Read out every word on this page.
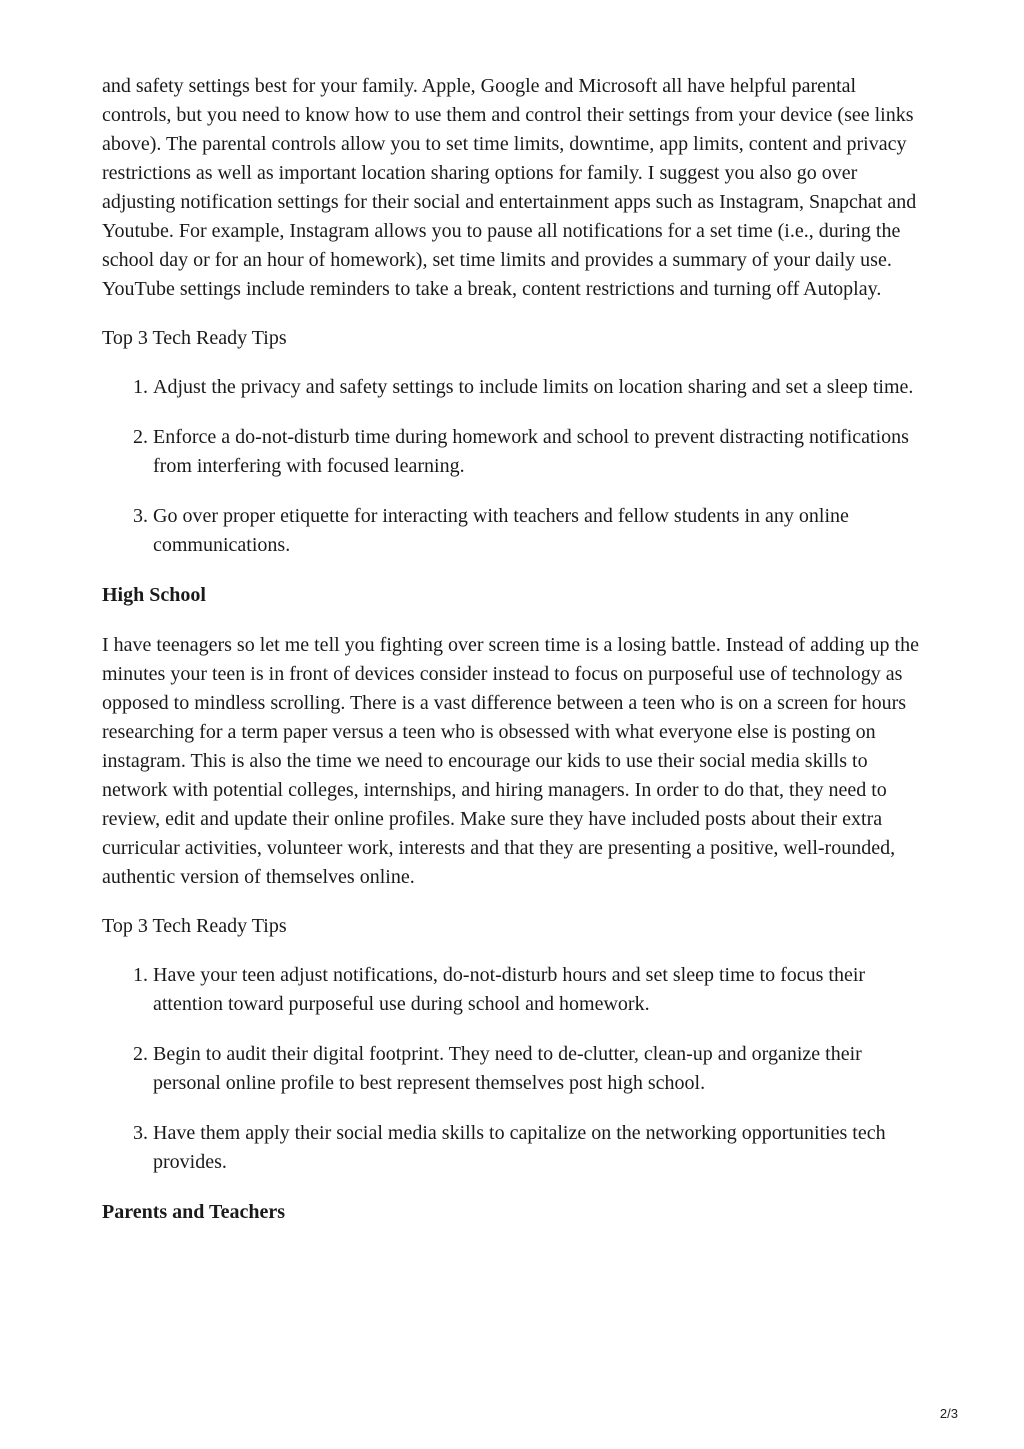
and safety settings best for your family. Apple, Google and Microsoft all have helpful parental controls, but you need to know how to use them and control their settings from your device (see links above). The parental controls allow you to set time limits, downtime, app limits, content and privacy restrictions as well as important location sharing options for family. I suggest you also go over adjusting notification settings for their social and entertainment apps such as Instagram, Snapchat and Youtube. For example, Instagram allows you to pause all notifications for a set time (i.e., during the school day or for an hour of homework), set time limits and provides a summary of your daily use. YouTube settings include reminders to take a break, content restrictions and turning off Autoplay.

Top 3 Tech Ready Tips

1. Adjust the privacy and safety settings to include limits on location sharing and set a sleep time.
2. Enforce a do-not-disturb time during homework and school to prevent distracting notifications from interfering with focused learning.
3. Go over proper etiquette for interacting with teachers and fellow students in any online communications.
High School

I have teenagers so let me tell you fighting over screen time is a losing battle. Instead of adding up the minutes your teen is in front of devices consider instead to focus on purposeful use of technology as opposed to mindless scrolling. There is a vast difference between a teen who is on a screen for hours researching for a term paper versus a teen who is obsessed with what everyone else is posting on instagram. This is also the time we need to encourage our kids to use their social media skills to network with potential colleges, internships, and hiring managers. In order to do that, they need to review, edit and update their online profiles. Make sure they have included posts about their extra curricular activities, volunteer work, interests and that they are presenting a positive, well-rounded, authentic version of themselves online.

Top 3 Tech Ready Tips

1. Have your teen adjust notifications, do-not-disturb hours and set sleep time to focus their attention toward purposeful use during school and homework.
2. Begin to audit their digital footprint. They need to de-clutter, clean-up and organize their personal online profile to best represent themselves post high school.
3. Have them apply their social media skills to capitalize on the networking opportunities tech provides.
Parents and Teachers
2/3
